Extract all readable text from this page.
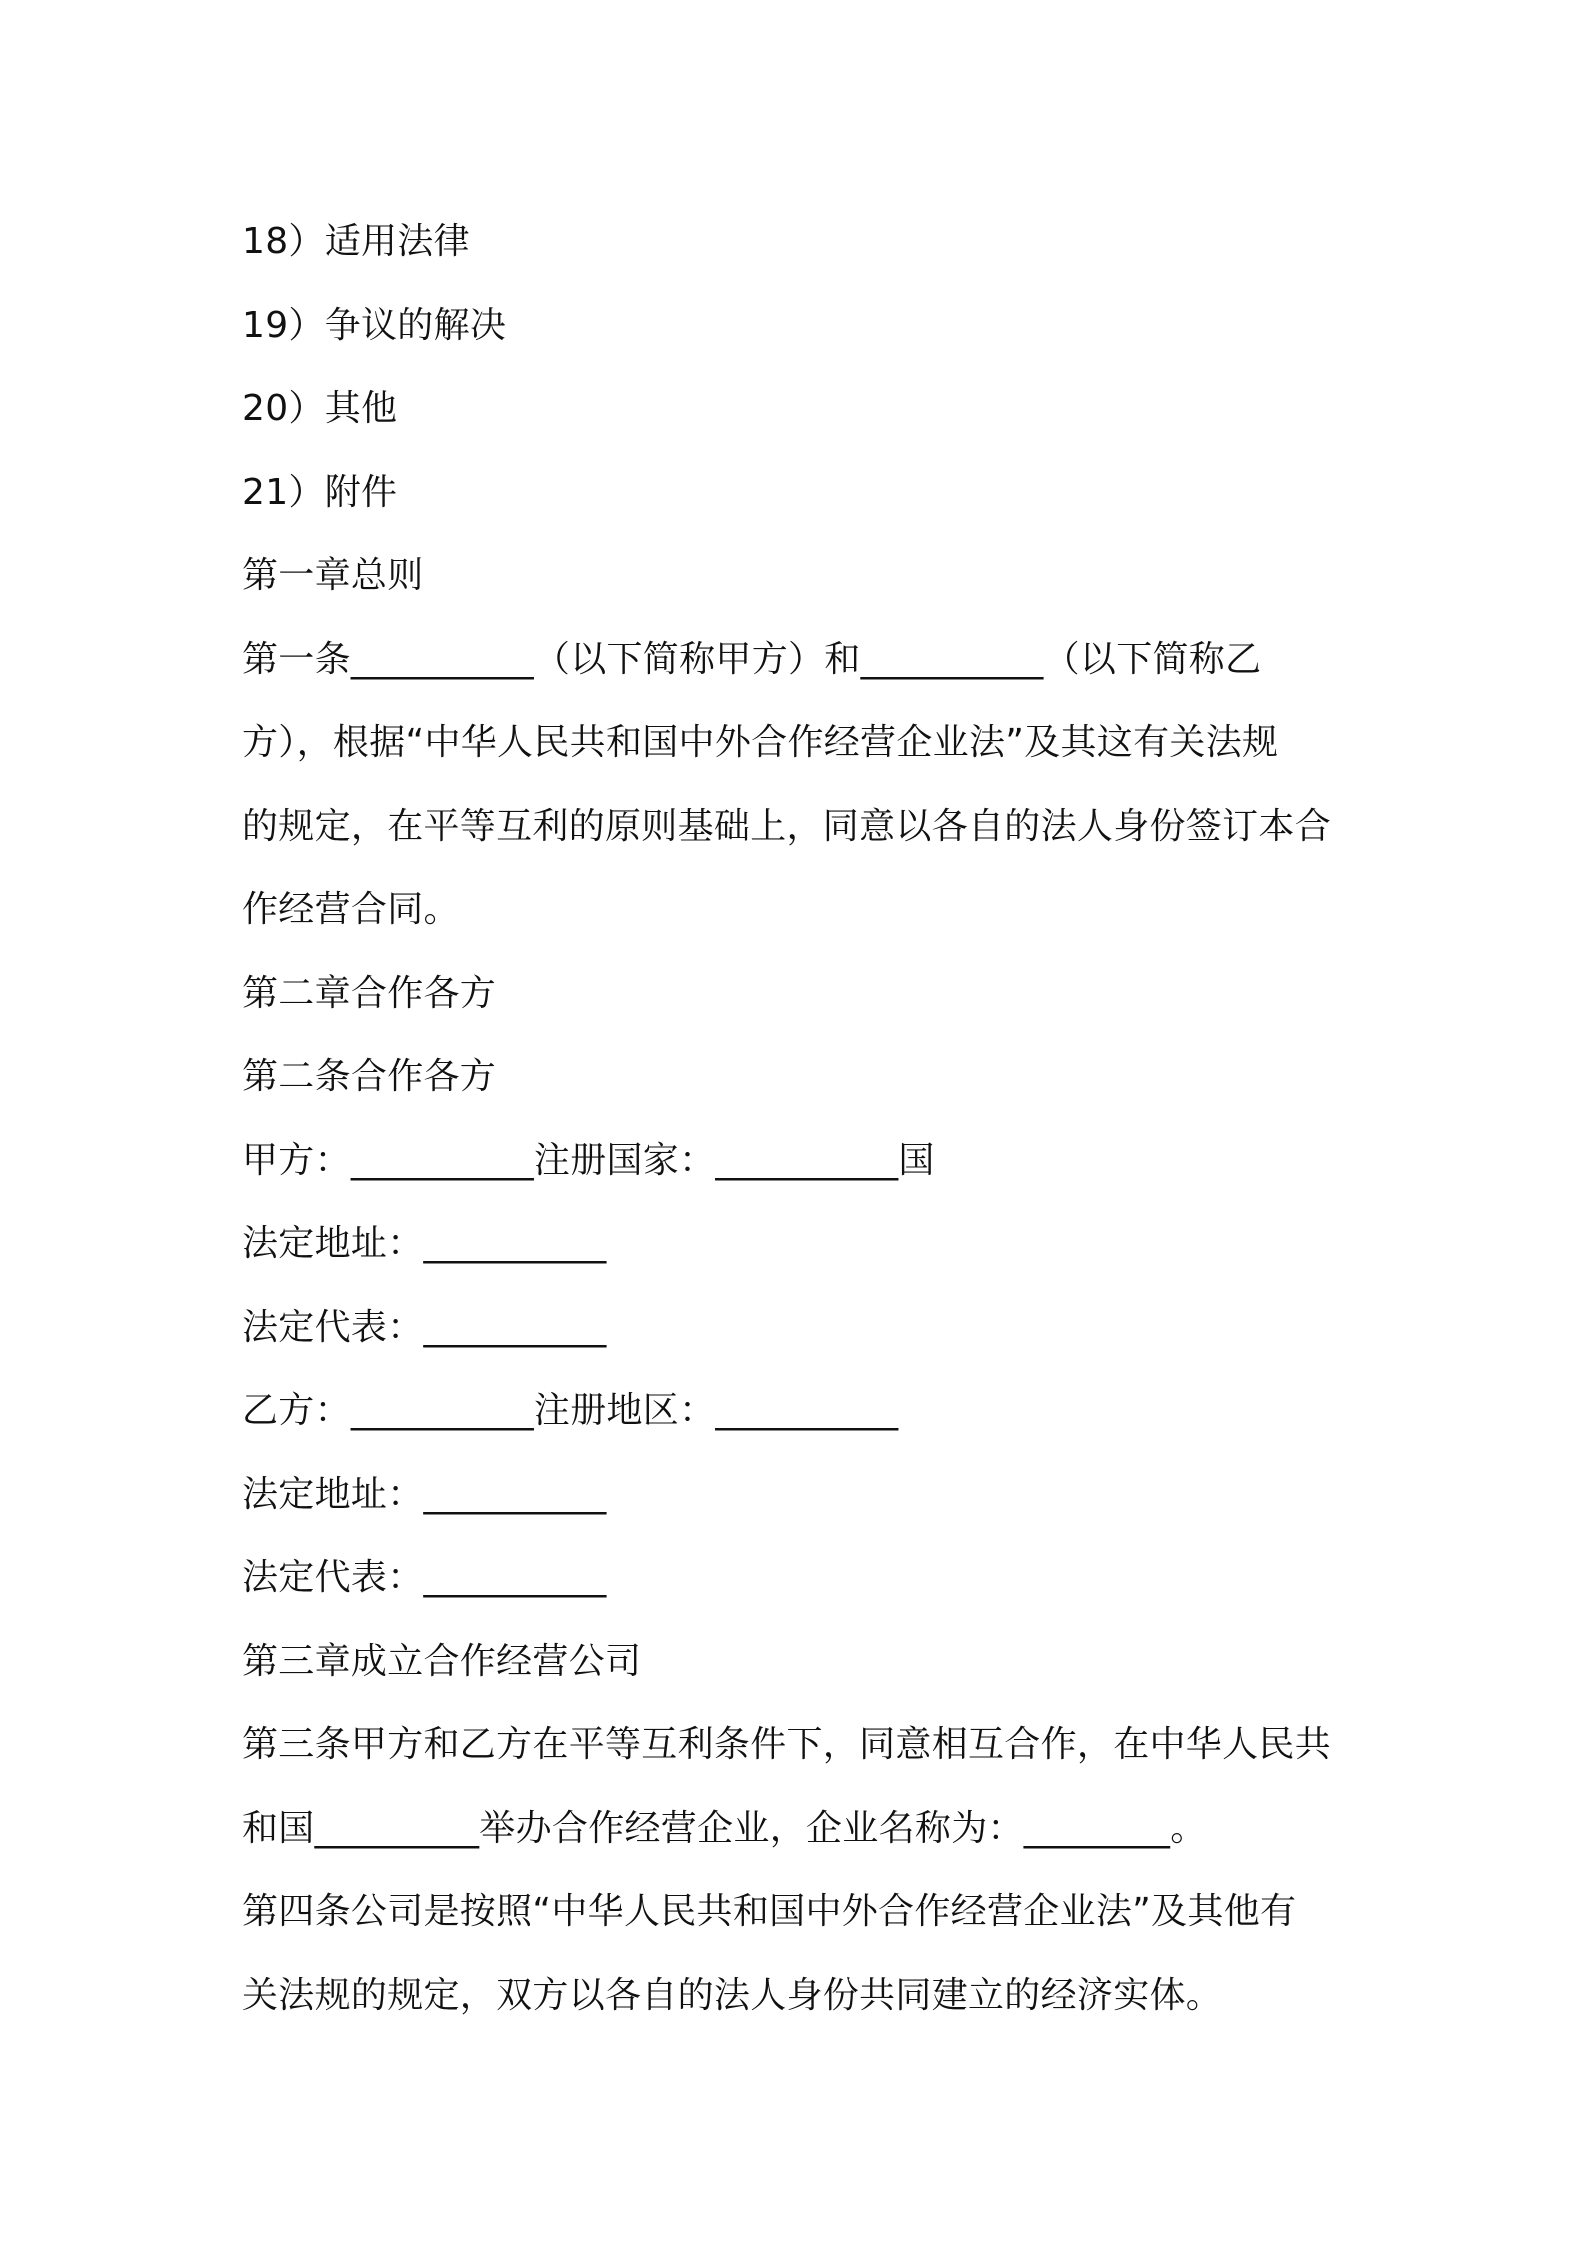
18）适用法律

19）争议的解决

20）其他

21）附件

第一章总则

第一条__________（以下简称甲方）和__________（以下简称乙

方），根据“中华人民共和国中外合作经营企业法”及其这有关法规

的规定，在平等互利的原则基础上，同意以各自的法人身份签订本合

作经营合同。

第二章合作各方

第二条合作各方

甲方：__________注册国家：__________国

法定地址：__________

法定代表：__________

乙方：__________注册地区：__________

法定地址：__________

法定代表：__________

第三章成立合作经营公司

第三条甲方和乙方在平等互利条件下，同意相互合作，在中华人民共

和国_________举办合作经营企业，企业名称为：________。

第四条公司是按照“中华人民共和国中外合作经营企业法”及其他有

关法规的规定，双方以各自的法人身份共同建立的经济实体。
